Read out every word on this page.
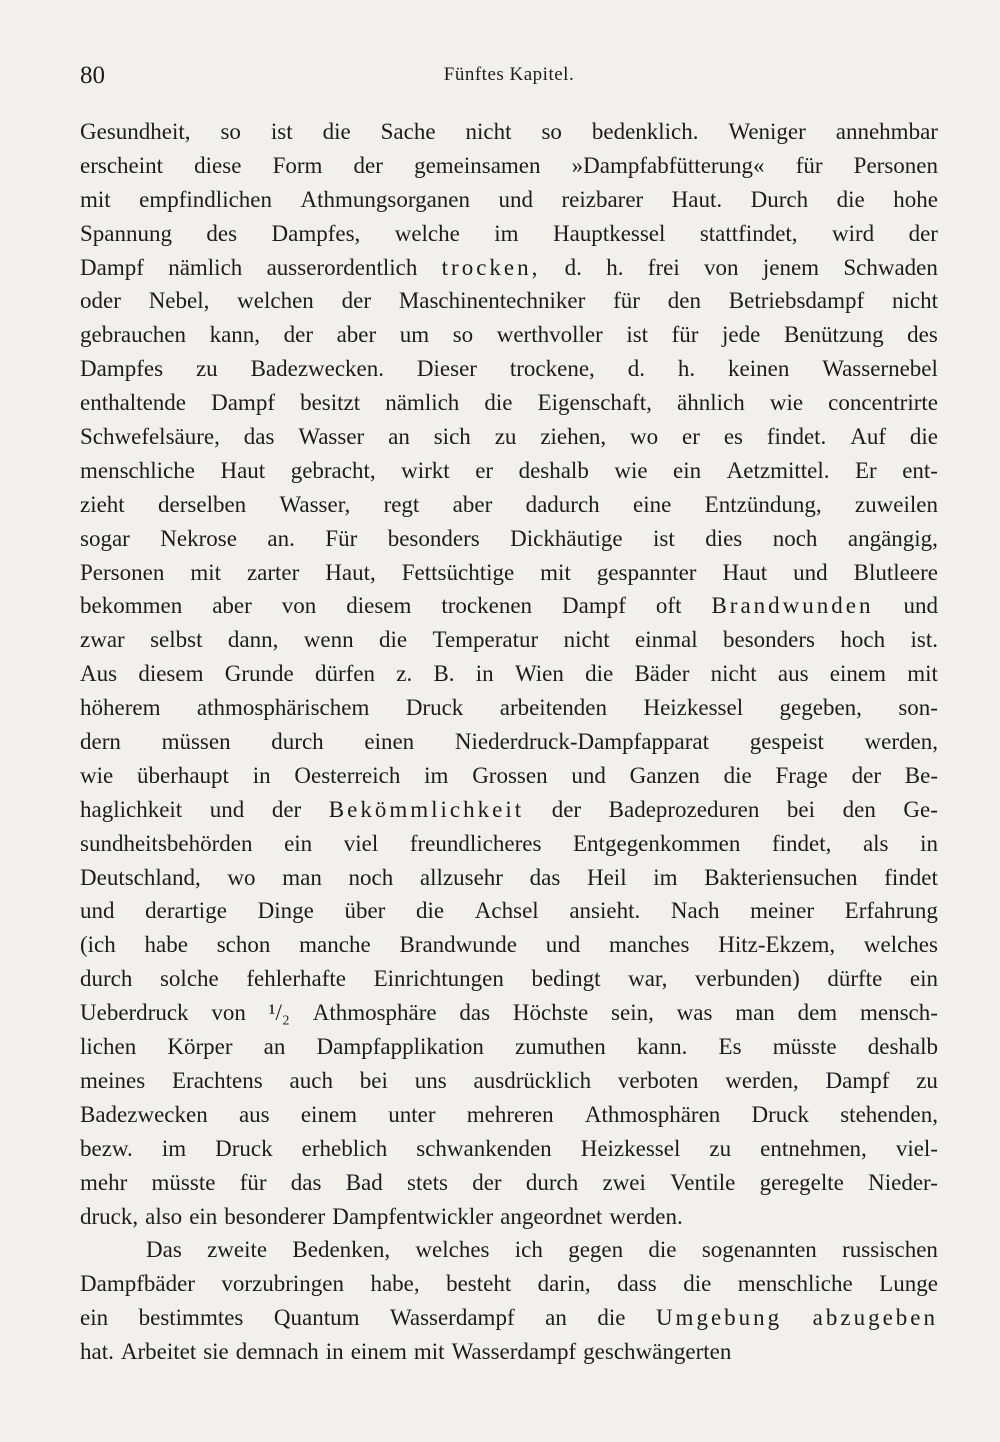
80	Fünftes Kapitel.
Gesundheit, so ist die Sache nicht so bedenklich. Weniger annehmbar
erscheint diese Form der gemeinsamen »Dampfabfütterung« für Personen
mit empfindlichen Athmungsorganen und reizbarer Haut. Durch die hohe
Spannung des Dampfes, welche im Hauptkessel stattfindet, wird der
Dampf nämlich ausserordentlich trocken, d. h. frei von jenem Schwaden
oder Nebel, welchen der Maschinentechniker für den Betriebsdampf nicht
gebrauchen kann, der aber um so werthvoller ist für jede Benützung des
Dampfes zu Badezwecken. Dieser trockene, d. h. keinen Wassernebel
enthaltende Dampf besitzt nämlich die Eigenschaft, ähnlich wie concentrirte
Schwefelsäure, das Wasser an sich zu ziehen, wo er es findet. Auf die
menschliche Haut gebracht, wirkt er deshalb wie ein Aetzmittel. Er ent-
zieht derselben Wasser, regt aber dadurch eine Entzündung, zuweilen
sogar Nekrose an. Für besonders Dickhäutige ist dies noch angängig,
Personen mit zarter Haut, Fettsüchtige mit gespannter Haut und Blutleere
bekommen aber von diesem trockenen Dampf oft Brandwunden und
zwar selbst dann, wenn die Temperatur nicht einmal besonders hoch ist.
Aus diesem Grunde dürfen z. B. in Wien die Bäder nicht aus einem mit
höherem athmosphärischem Druck arbeitenden Heizkessel gegeben, son-
dern müssen durch einen Niederdruck-Dampfapparat gespeist werden,
wie überhaupt in Oesterreich im Grossen und Ganzen die Frage der Be-
haglichkeit und der Bekömmlichkeit der Badeprozeduren bei den Ge-
sundheitsbehörden ein viel freundlicheres Entgegenkommen findet, als in
Deutschland, wo man noch allzusehr das Heil im Bakteriensuchen findet
und derartige Dinge über die Achsel ansieht. Nach meiner Erfahrung
(ich habe schon manche Brandwunde und manches Hitz-Ekzem, welches
durch solche fehlerhafte Einrichtungen bedingt war, verbunden) dürfte ein
Ueberdruck von ¹/₂ Athmosphäre das Höchste sein, was man dem mensch-
lichen Körper an Dampfapplikation zumuthen kann. Es müsste deshalb
meines Erachtens auch bei uns ausdrücklich verboten werden, Dampf zu
Badezwecken aus einem unter mehreren Athmosphären Druck stehenden,
bezw. im Druck erheblich schwankenden Heizkessel zu entnehmen, viel-
mehr müsste für das Bad stets der durch zwei Ventile geregelte Nieder-
druck, also ein besonderer Dampfentwickler angeordnet werden.
Das zweite Bedenken, welches ich gegen die sogenannten russischen
Dampfbäder vorzubringen habe, besteht darin, dass die menschliche Lunge
ein bestimmtes Quantum Wasserdampf an die Umgebung abzugeben
hat. Arbeitet sie demnach in einem mit Wasserdampf geschwängerten
